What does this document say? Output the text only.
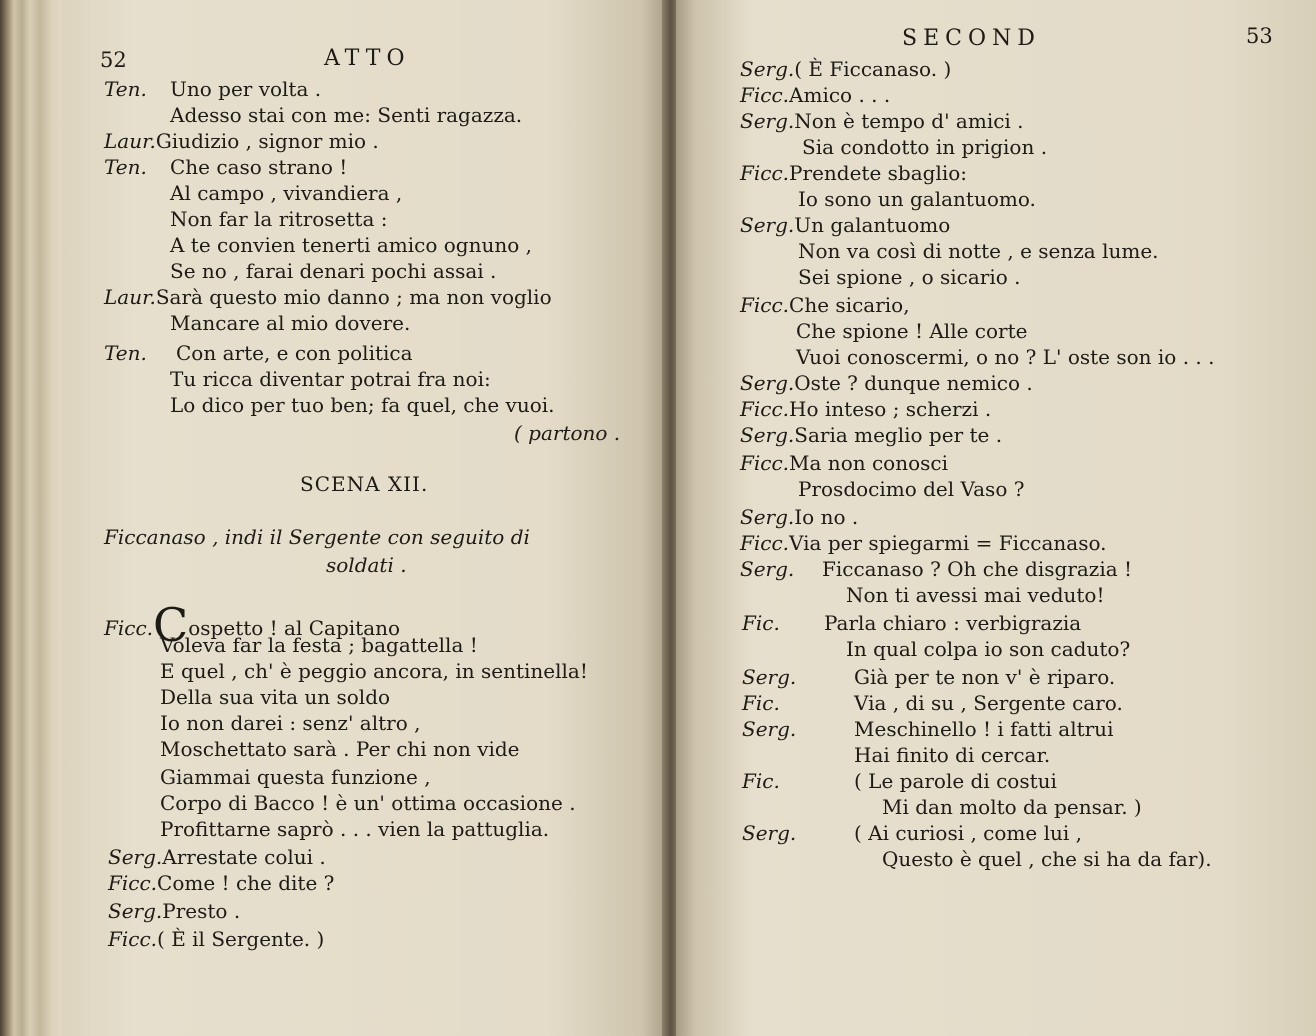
52	ATTO
Ten. Uno per volta .
Adesso stai con me: Senti ragazza.
Laur.Giudizio , signor mio .
Ten. Che caso strano !
Al campo , vivandiera ,
Non far la ritrosetta :
A te convien tenerti amico ognuno ,
Se no , farai denari pochi assai .
Laur.Sarà questo mio danno ; ma non voglio
Mancare al mio dovere.
Ten. Con arte, e con politica
Tu ricca diventar potrai fra noi:
Lo dico per tuo ben; fa quel, che vuoi.
( partono .
SCENA XII.
Ficcanaso , indi il Sergente con seguito di
soldati .
Ficc.Cospetto ! al Capitano
Voleva far la festa ; bagattella !
E quel , ch' è peggio ancora, in sentinella!
Della sua vita un soldo
Io non darei : senz' altro ,
Moschettato sarà . Per chi non vide
Giammai questa funzione ,
Corpo di Bacco ! è un' ottima occasione .
Profittarne saprò . . . vien la pattuglia.
Serg.Arrestate colui .
Ficc.Come ! che dite ?
Serg.Presto .
Ficc.( È il Sergente. )
SECOND	53
Serg.( È Ficcanaso. )
Ficc.Amico . . .
Serg.Non è tempo d' amici .
Sia condotto in prigion .
Ficc.Prendete sbaglio:
Io sono un galantuomo.
Serg.Un galantuomo
Non va così di notte , e senza lume.
Sei spione , o sicario .
Ficc.Che sicario,
Che spione ! Alle corte
Vuoi conoscermi, o no ? L' oste son io . . .
Serg.Oste ? dunque nemico .
Ficc.Ho inteso ; scherzi .
Serg.Saria meglio per te .
Ficc.Ma non conosci
Prosdocimo del Vaso ?
Serg.Io no .
Ficc.Via per spiegarmi = Ficcanaso.
Serg. Ficcanaso ? Oh che disgrazia !
Non ti avessi mai veduto!
Fic. Parla chiaro : verbigrazia
In qual colpa io son caduto?
Serg.	Già per te non v' è riparo.
Fic.	Via , di su , Sergente caro.
Serg.	Meschinello ! i fatti altrui
Hai finito di cercar.
Fic.	( Le parole di costui
Mi dan molto da pensar. )
Serg.	( Ai curiosi , come lui ,
Questo è quel , che si ha da far).
